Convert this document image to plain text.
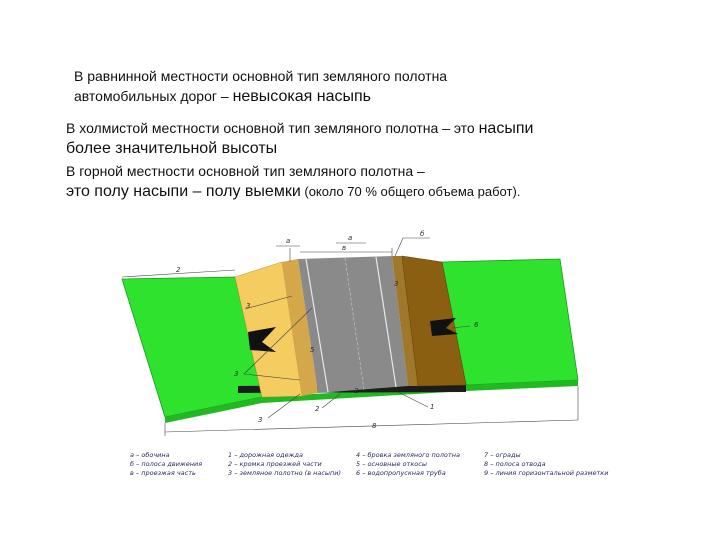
В равнинной местности основной тип земляного полотна
автомобильных дорог – невысокая насыпь
В холмистой местности основной тип земляного полотна – это насыпи
более значительной высоты
В горной местности основной тип земляного полотна –
это полу насыпи – полу выемки (около 70 % общего объема работ).
a	a
в
б
2
3
3
3
5
6
3
2	1
2
8
а – обочина
б – полоса движения
в – проезжая часть
1 – дорожная одежда
2 – кромка проезжей части
3 – земляное полотно (в насыпи)
4 – бровка земляного полотна
5 – основные откосы
6 – водопропускная труба
7 – ограды
8 – полоса отвода
9 – линия горизонтальной разметки
